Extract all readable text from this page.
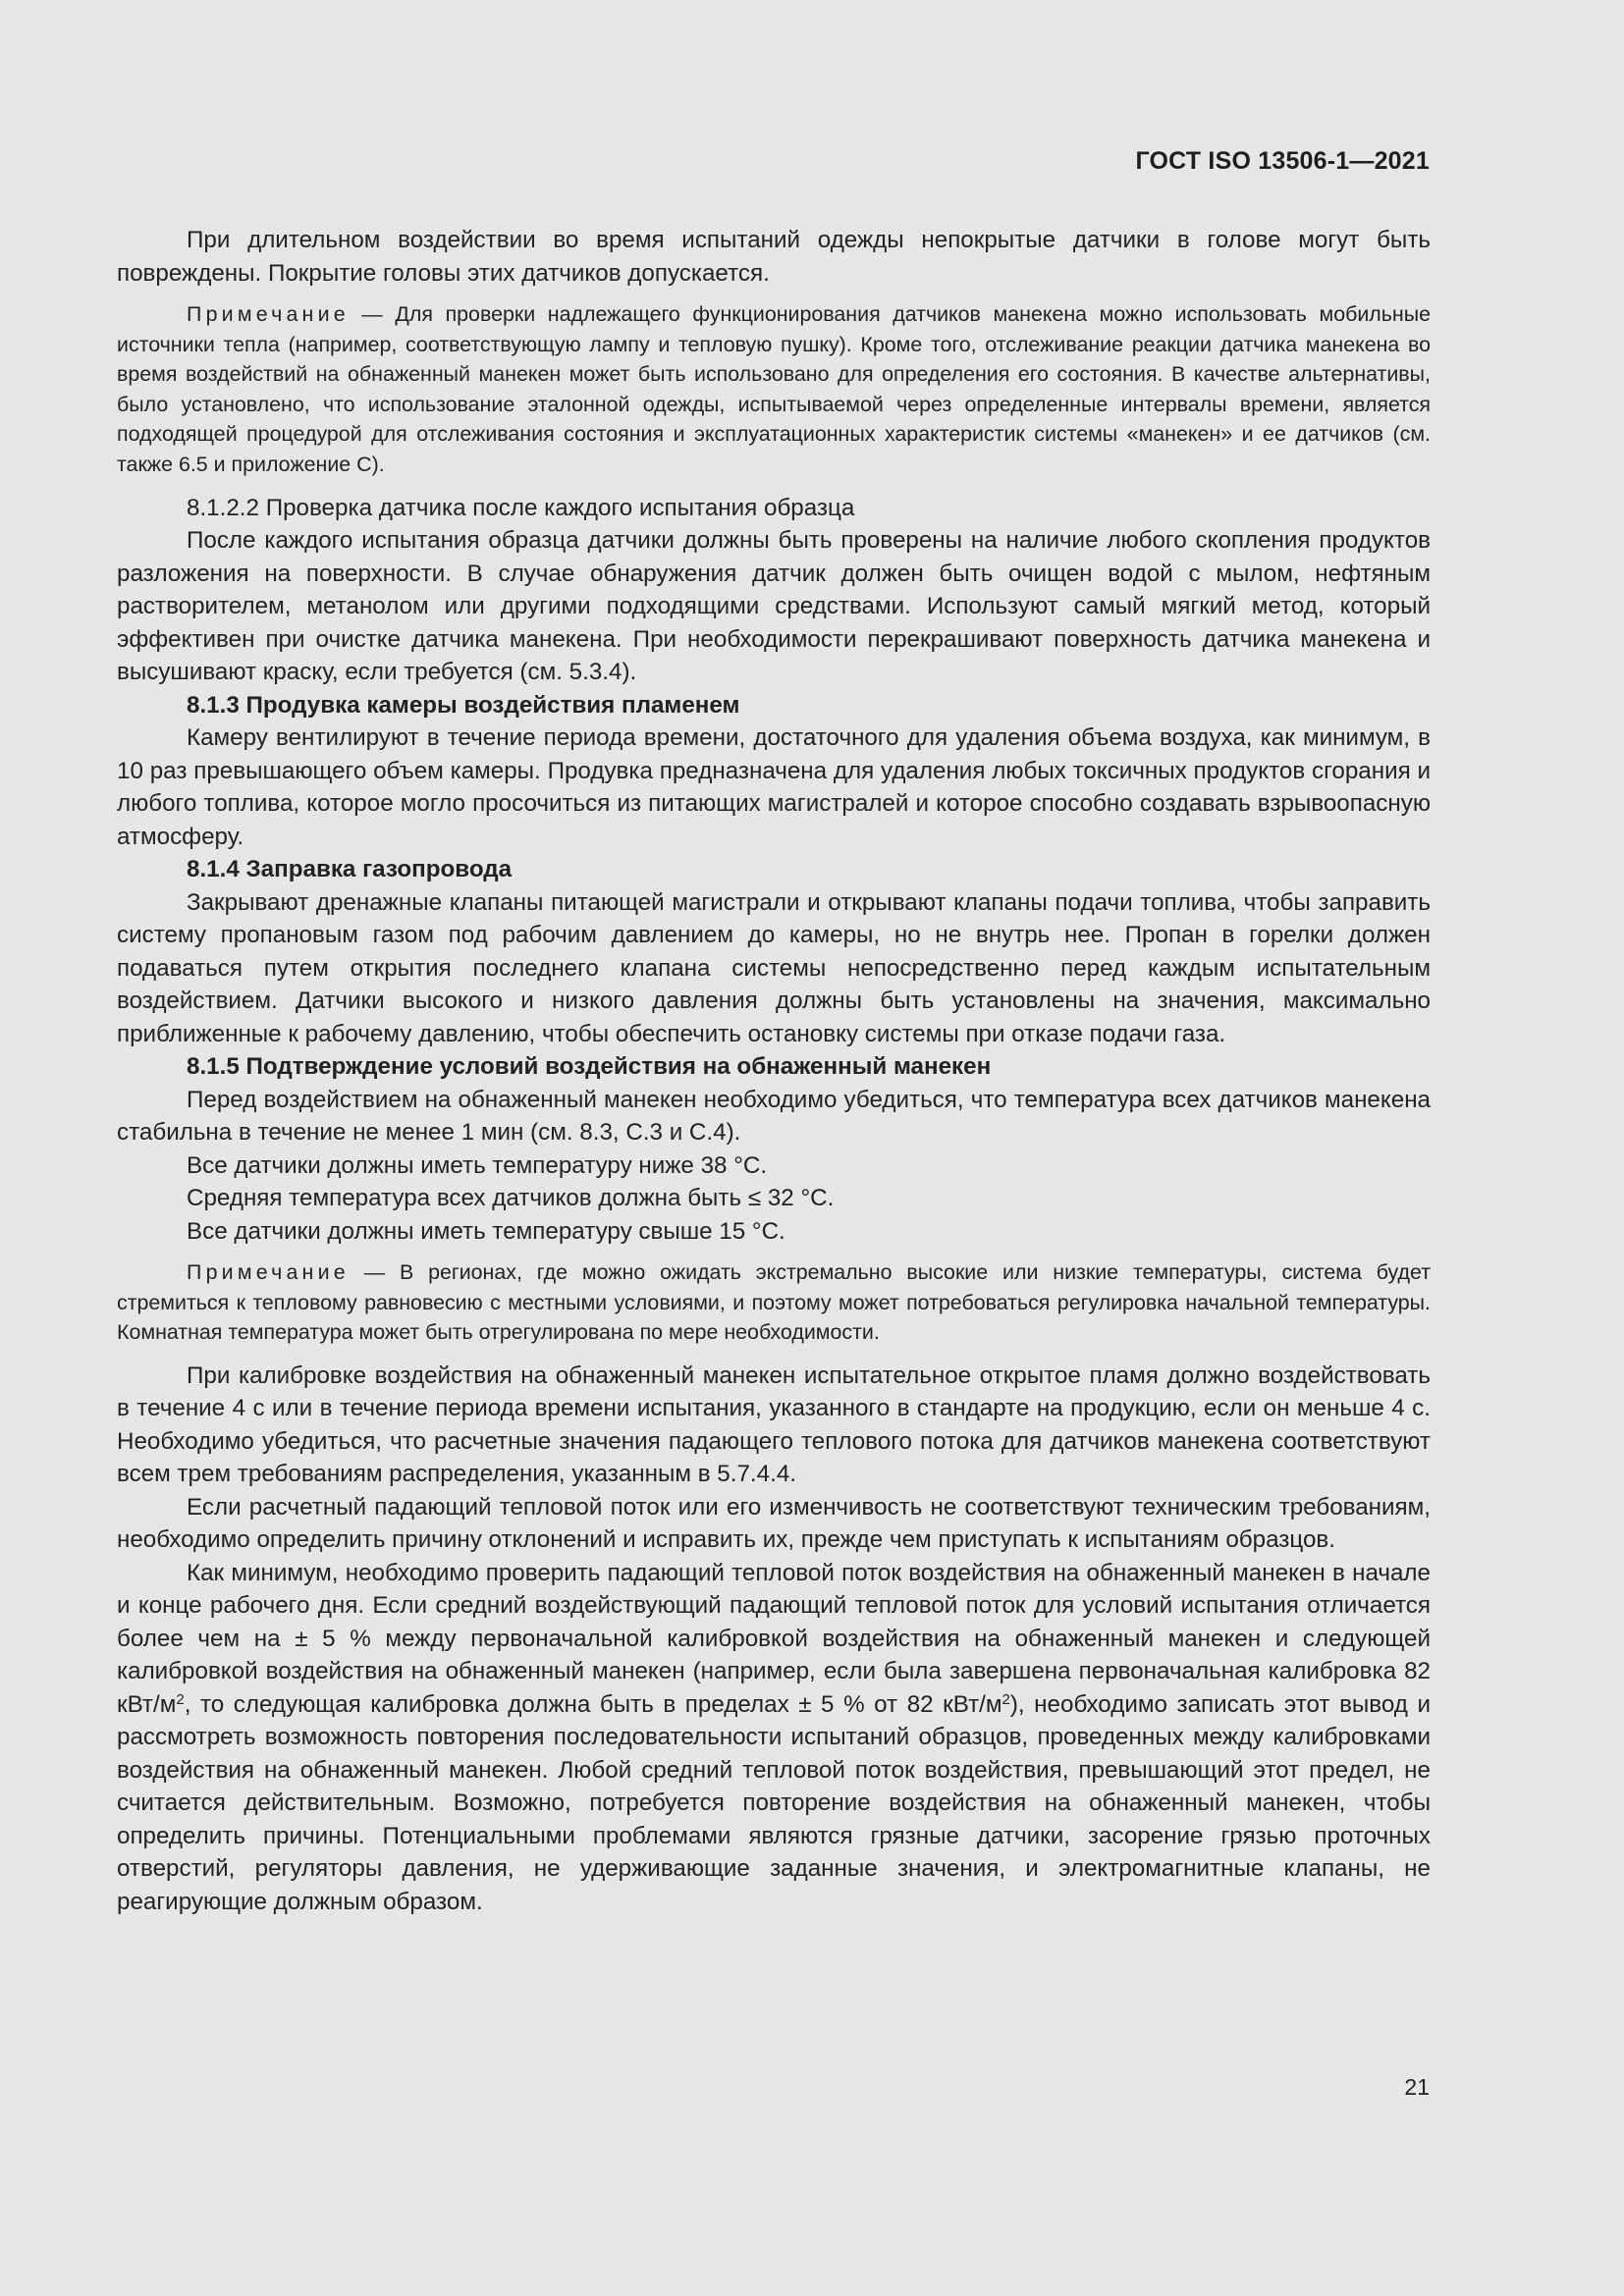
ГОСТ ISO 13506-1—2021

При длительном воздействии во время испытаний одежды непокрытые датчики в голове могут быть повреждены. Покрытие головы этих датчиков допускается.

Примечание — Для проверки надлежащего функционирования датчиков манекена можно использовать мобильные источники тепла (например, соответствующую лампу и тепловую пушку). Кроме того, отслеживание реакции датчика манекена во время воздействий на обнаженный манекен может быть использовано для определения его состояния. В качестве альтернативы, было установлено, что использование эталонной одежды, испытываемой через определенные интервалы времени, является подходящей процедурой для отслеживания состояния и эксплуатационных характеристик системы «манекен» и ее датчиков (см. также 6.5 и приложение С).

8.1.2.2 Проверка датчика после каждого испытания образца

После каждого испытания образца датчики должны быть проверены на наличие любого скопления продуктов разложения на поверхности. В случае обнаружения датчик должен быть очищен водой с мылом, нефтяным растворителем, метанолом или другими подходящими средствами. Используют самый мягкий метод, который эффективен при очистке датчика манекена. При необходимости перекрашивают поверхность датчика манекена и высушивают краску, если требуется (см. 5.3.4).

8.1.3 Продувка камеры воздействия пламенем

Камеру вентилируют в течение периода времени, достаточного для удаления объема воздуха, как минимум, в 10 раз превышающего объем камеры. Продувка предназначена для удаления любых токсичных продуктов сгорания и любого топлива, которое могло просочиться из питающих магистралей и которое способно создавать взрывоопасную атмосферу.

8.1.4 Заправка газопровода

Закрывают дренажные клапаны питающей магистрали и открывают клапаны подачи топлива, чтобы заправить систему пропановым газом под рабочим давлением до камеры, но не внутрь нее. Пропан в горелки должен подаваться путем открытия последнего клапана системы непосредственно перед каждым испытательным воздействием. Датчики высокого и низкого давления должны быть установлены на значения, максимально приближенные к рабочему давлению, чтобы обеспечить остановку системы при отказе подачи газа.

8.1.5 Подтверждение условий воздействия на обнаженный манекен

Перед воздействием на обнаженный манекен необходимо убедиться, что температура всех датчиков манекена стабильна в течение не менее 1 мин (см. 8.3, С.3 и С.4).

Все датчики должны иметь температуру ниже 38 °С.

Средняя температура всех датчиков должна быть ≤ 32 °С.

Все датчики должны иметь температуру свыше 15 °С.

Примечание — В регионах, где можно ожидать экстремально высокие или низкие температуры, система будет стремиться к тепловому равновесию с местными условиями, и поэтому может потребоваться регулировка начальной температуры. Комнатная температура может быть отрегулирована по мере необходимости.

При калибровке воздействия на обнаженный манекен испытательное открытое пламя должно воздействовать в течение 4 с или в течение периода времени испытания, указанного в стандарте на продукцию, если он меньше 4 с. Необходимо убедиться, что расчетные значения падающего теплового потока для датчиков манекена соответствуют всем трем требованиям распределения, указанным в 5.7.4.4.

Если расчетный падающий тепловой поток или его изменчивость не соответствуют техническим требованиям, необходимо определить причину отклонений и исправить их, прежде чем приступать к испытаниям образцов.

Как минимум, необходимо проверить падающий тепловой поток воздействия на обнаженный манекен в начале и конце рабочего дня. Если средний воздействующий падающий тепловой поток для условий испытания отличается более чем на ± 5 % между первоначальной калибровкой воздействия на обнаженный манекен и следующей калибровкой воздействия на обнаженный манекен (например, если была завершена первоначальная калибровка 82 кВт/$м^2$, то следующая калибровка должна быть в пределах ± 5 % от 82 кВт/$м^2$), необходимо записать этот вывод и рассмотреть возможность повторения последовательности испытаний образцов, проведенных между калибровками воздействия на обнаженный манекен. Любой средний тепловой поток воздействия, превышающий этот предел, не считается действительным. Возможно, потребуется повторение воздействия на обнаженный манекен, чтобы определить причины. Потенциальными проблемами являются грязные датчики, засорение грязью проточных отверстий, регуляторы давления, не удерживающие заданные значения, и электромагнитные клапаны, не реагирующие должным образом.

21
